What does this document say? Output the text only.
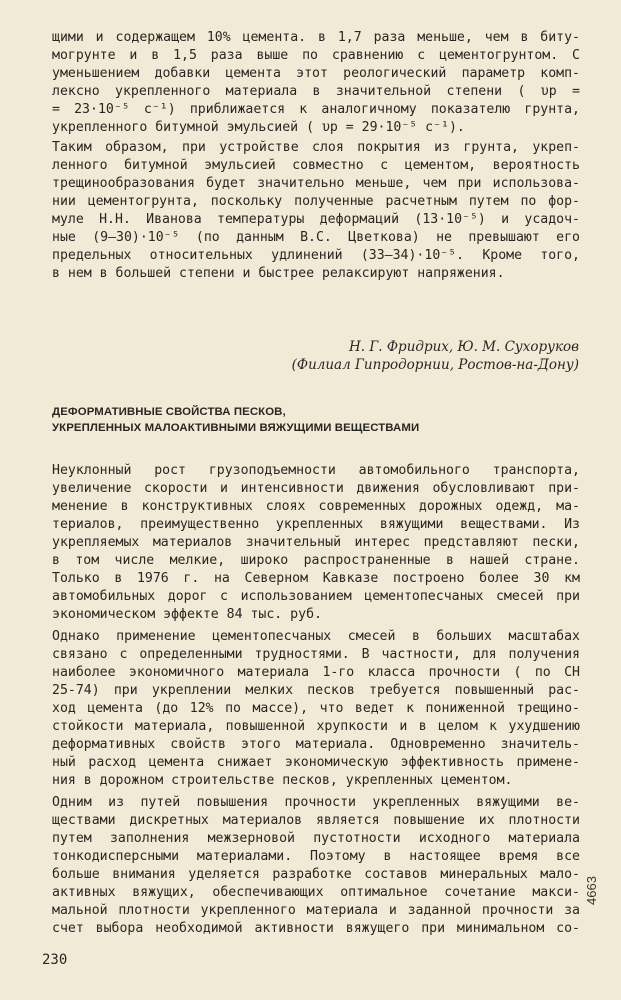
щими и содержащем 10% цемента. в 1,7 раза меньше, чем в биту-
могрунте и в 1,5 раза выше по сравнению с цементогрунтом. С
уменьшением добавки цемента этот реологический параметр комп-
лексно укрепленного материала в значительной степени ( υр =
= 23·10⁻⁵ с⁻¹) приближается к аналогичному показателю грунта,
укрепленного битумной эмульсией ( υр = 29·10⁻⁵ с⁻¹).
Таким образом, при устройстве слоя покрытия из грунта, укреп-
ленного битумной эмульсией совместно с цементом, вероятность
трещинообразования будет значительно меньше, чем при использова-
нии цементогрунта, поскольку полученные расчетным путем по фор-
муле Н.Н. Иванова температуры деформаций (13·10⁻⁵) и усадоч-
ные (9–30)·10⁻⁵ (по данным В.С. Цветкова) не превышают его
предельных относительных удлинений (33–34)·10⁻⁵. Кроме того,
в нем в большей степени и быстрее релаксируют напряжения.
Н. Г. Фридрих, Ю. М. Сухоруков
(Филиал Гипродорнии, Ростов-на-Дону)
ДЕФОРМАТИВНЫЕ СВОЙСТВА ПЕСКОВ,
УКРЕПЛЕННЫХ МАЛОАКТИВНЫМИ ВЯЖУЩИМИ ВЕЩЕСТВАМИ
Неуклонный рост грузоподъемности автомобильного транспорта,
увеличение скорости и интенсивности движения обусловливают при-
менение в конструктивных слоях современных дорожных одежд, ма-
териалов, преимущественно укрепленных вяжущими веществами. Из
укрепляемых материалов значительный интерес представляют пески,
в том числе мелкие, широко распространенные в нашей стране.
Только в 1976 г. на Северном Кавказе построено более 30 км
автомобильных дорог с использованием цементопесчаных смесей при
экономическом эффекте 84 тыс. руб.
Однако применение цементопесчаных смесей в больших масштабах
связано с определенными трудностями. В частности, для получения
наиболее экономичного материала 1-го класса прочности ( по СН
25-74) при укреплении мелких песков требуется повышенный рас-
ход цемента (до 12% по массе), что ведет к пониженной трещино-
стойкости материала, повышенной хрупкости и в целом к ухудшению
деформативных свойств этого материала. Одновременно значитель-
ный расход цемента снижает экономическую эффективность примене-
ния в дорожном строительстве песков, укрепленных цементом.
Одним из путей повышения прочности укрепленных вяжущими ве-
ществами дискретных материалов является повышение их плотности
путем заполнения межзерновой пустотности исходного материала
тонкодисперсными материалами. Поэтому в настоящее время все
больше внимания уделяется разработке составов минеральных мало-
активных вяжущих, обеспечивающих оптимальное сочетание макси-
мальной плотности укрепленного материала и заданной прочности за
счет выбора необходимой активности вяжущего при минимальном со-
230
4663
